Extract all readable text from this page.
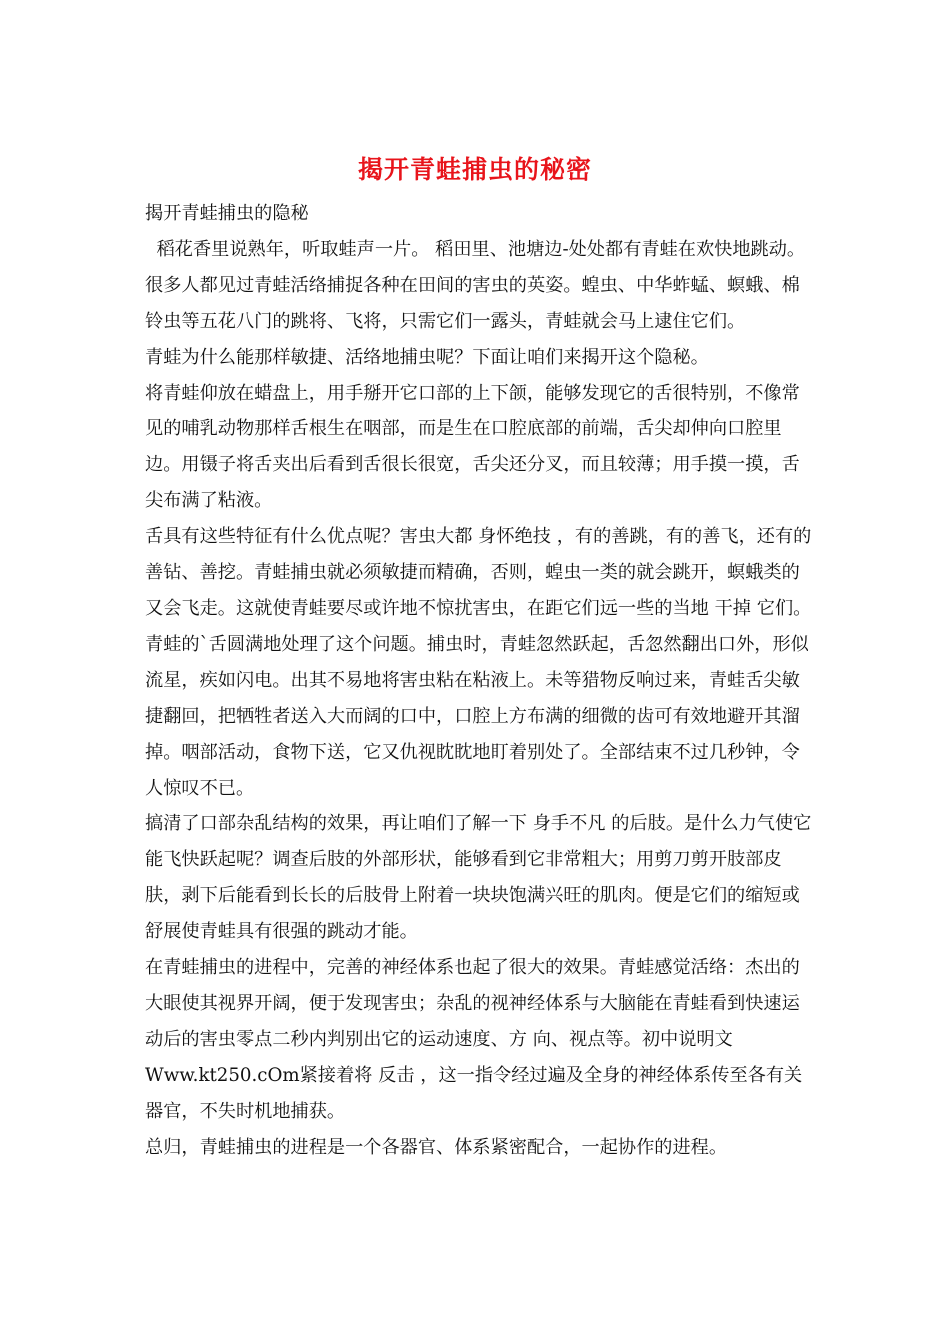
揭开青蛙捕虫的秘密

揭开青蛙捕虫的隐秘

稻花香里说熟年，听取蛙声一片。 稻田里、池塘边-处处都有青蛙在欢快地跳动。很多人都见过青蛙活络捕捉各种在田间的害虫的英姿。蝗虫、中华蚱蜢、螟蛾、棉铃虫等五花八门的跳将、飞将，只需它们一露头，青蛙就会马上逮住它们。

青蛙为什么能那样敏捷、活络地捕虫呢？下面让咱们来揭开这个隐秘。

将青蛙仰放在蜡盘上，用手掰开它口部的上下颌，能够发现它的舌很特别，不像常见的哺乳动物那样舌根生在咽部，而是生在口腔底部的前端，舌尖却伸向口腔里边。用镊子将舌夹出后看到舌很长很宽，舌尖还分叉，而且较薄；用手摸一摸，舌尖布满了粘液。

舌具有这些特征有什么优点呢？害虫大都 身怀绝技 ，有的善跳，有的善飞，还有的善钻、善挖。青蛙捕虫就必须敏捷而精确，否则，蝗虫一类的就会跳开，螟蛾类的又会飞走。这就使青蛙要尽或许地不惊扰害虫，在距它们远一些的当地 干掉 它们。青蛙的`舌圆满地处理了这个问题。捕虫时，青蛙忽然跃起，舌忽然翻出口外，形似流星，疾如闪电。出其不易地将害虫粘在粘液上。未等猎物反响过来，青蛙舌尖敏捷翻回，把牺牲者送入大而阔的口中，口腔上方布满的细微的齿可有效地避开其溜掉。咽部活动，食物下送，它又仇视眈眈地盯着别处了。全部结束不过几秒钟，令人惊叹不已。

搞清了口部杂乱结构的效果，再让咱们了解一下 身手不凡 的后肢。是什么力气使它能飞快跃起呢？调查后肢的外部形状，能够看到它非常粗大；用剪刀剪开肢部皮肤，剥下后能看到长长的后肢骨上附着一块块饱满兴旺的肌肉。便是它们的缩短或舒展使青蛙具有很强的跳动才能。

在青蛙捕虫的进程中，完善的神经体系也起了很大的效果。青蛙感觉活络：杰出的大眼使其视界开阔，便于发现害虫；杂乱的视神经体系与大脑能在青蛙看到快速运动后的害虫零点二秒内判别出它的运动速度、方 向、视点等。初中说明文 Www.kt250.cOm紧接着将 反击 ，这一指令经过遍及全身的神经体系传至各有关器官，不失时机地捕获。

总归，青蛙捕虫的进程是一个各器官、体系紧密配合，一起协作的进程。
